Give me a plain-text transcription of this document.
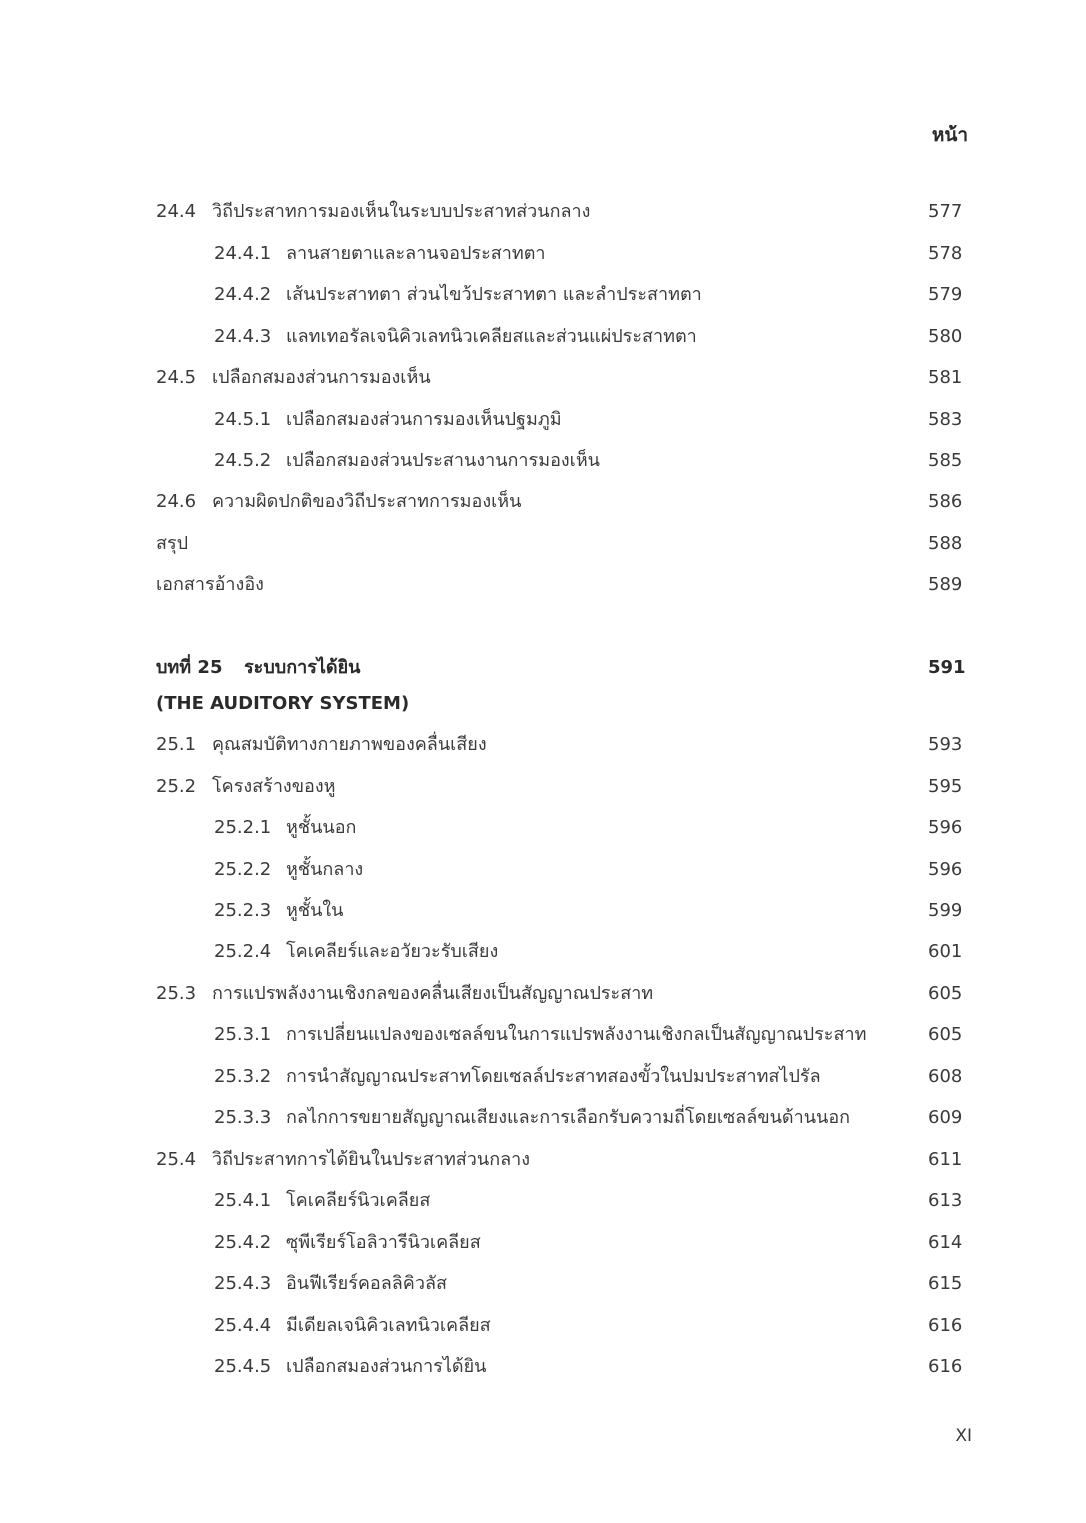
หน้า
24.4 วิถีประสาทการมองเห็นในระบบประสาทส่วนกลาง	577
24.4.1 ลานสายตาและลานจอประสาทตา	578
24.4.2 เส้นประสาทตา ส่วนไขว้ประสาทตา และลำประสาทตา	579
24.4.3 แลทเทอรัลเจนิคิวเลทนิวเคลียสและส่วนแผ่ประสาทตา	580
24.5 เปลือกสมองส่วนการมองเห็น	581
24.5.1 เปลือกสมองส่วนการมองเห็นปฐมภูมิ	583
24.5.2 เปลือกสมองส่วนประสานงานการมองเห็น	585
24.6 ความผิดปกติของวิถีประสาทการมองเห็น	586
สรุป	588
เอกสารอ้างอิง	589
บทที่ 25 ระบบการได้ยิน	591
(THE AUDITORY SYSTEM)
25.1 คุณสมบัติทางกายภาพของคลื่นเสียง	593
25.2 โครงสร้างของหู	595
25.2.1 หูชั้นนอก	596
25.2.2 หูชั้นกลาง	596
25.2.3 หูชั้นใน	599
25.2.4 โคเคลียร์และอวัยวะรับเสียง	601
25.3 การแปรพลังงานเชิงกลของคลื่นเสียงเป็นสัญญาณประสาท	605
25.3.1 การเปลี่ยนแปลงของเซลล์ขนในการแปรพลังงานเชิงกลเป็นสัญญาณประสาท	605
25.3.2 การนำสัญญาณประสาทโดยเซลล์ประสาทสองขั้วในปมประสาทสไปรัล	608
25.3.3 กลไกการขยายสัญญาณเสียงและการเลือกรับความถี่โดยเซลล์ขนด้านนอก	609
25.4 วิถีประสาทการได้ยินในประสาทส่วนกลาง	611
25.4.1 โคเคลียร์นิวเคลียส	613
25.4.2 ซุพีเรียร์โอลิวารีนิวเคลียส	614
25.4.3 อินฟีเรียร์คอลลิคิวลัส	615
25.4.4 มีเดียลเจนิคิวเลทนิวเคลียส	616
25.4.5 เปลือกสมองส่วนการได้ยิน	616
XI
